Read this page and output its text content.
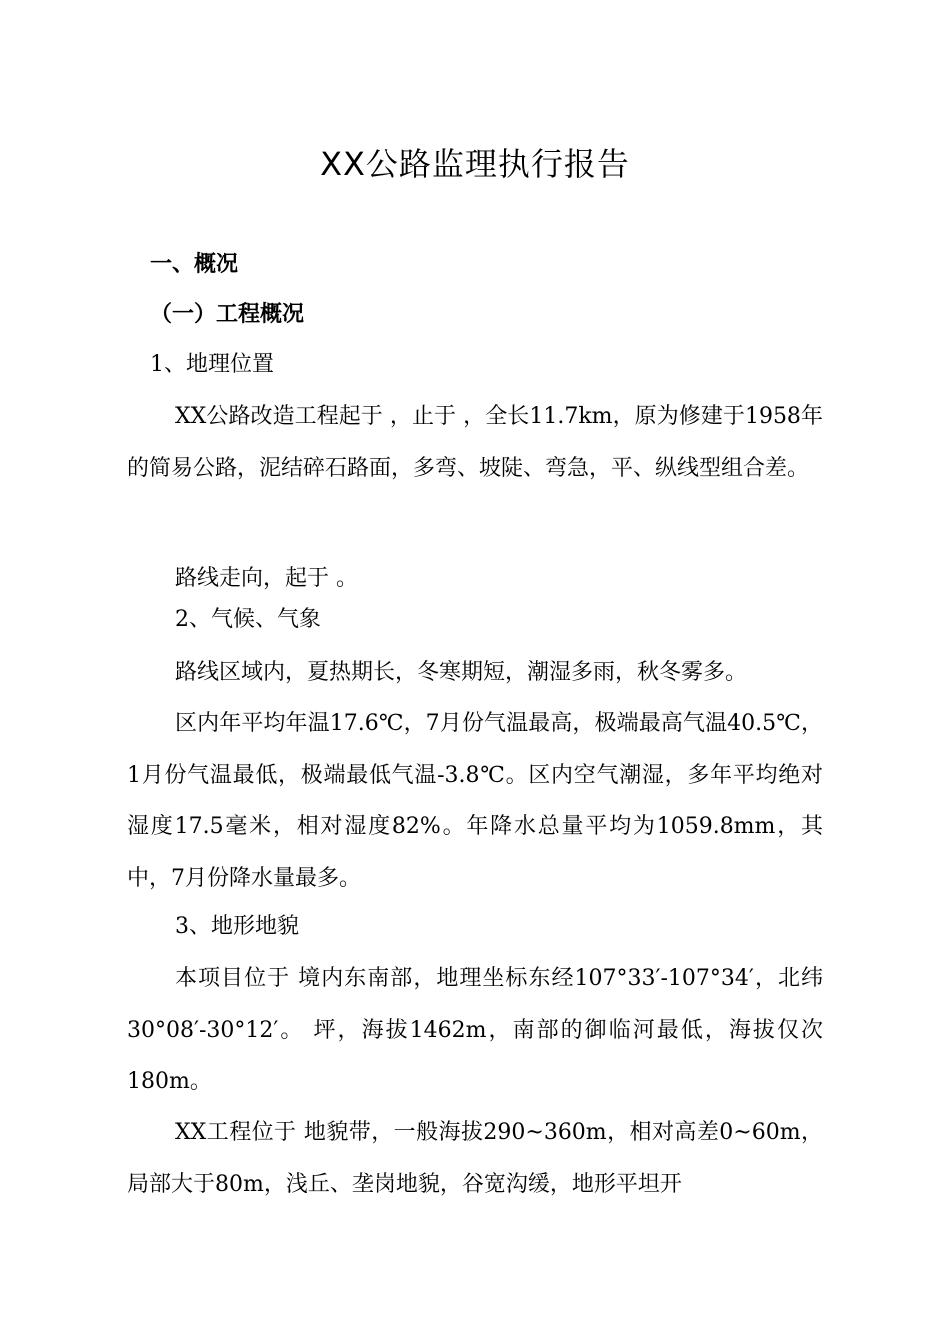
XX公路监理执行报告
一、概况
（一）工程概况
1、地理位置
XX公路改造工程起于 ，止于 ，全长11.7km，原为修建于1958年的简易公路，泥结碎石路面，多弯、坡陡、弯急，平、纵线型组合差。
路线走向，起于 。
2、气候、气象
路线区域内，夏热期长，冬寒期短，潮湿多雨，秋冬雾多。
区内年平均年温17.6℃，7月份气温最高，极端最高气温40.5℃，1月份气温最低，极端最低气温-3.8℃。区内空气潮湿，多年平均绝对湿度17.5毫米，相对湿度82%。年降水总量平均为1059.8mm，其中，7月份降水量最多。
3、地形地貌
本项目位于 境内东南部，地理坐标东经107°33′-107°34′，北纬30°08′-30°12′。 坪，海拔1462m，南部的御临河最低，海拔仅次180m。
XX工程位于 地貌带，一般海拔290~360m，相对高差0~60m，局部大于80m，浅丘、垄岗地貌，谷宽沟缓，地形平坦开
